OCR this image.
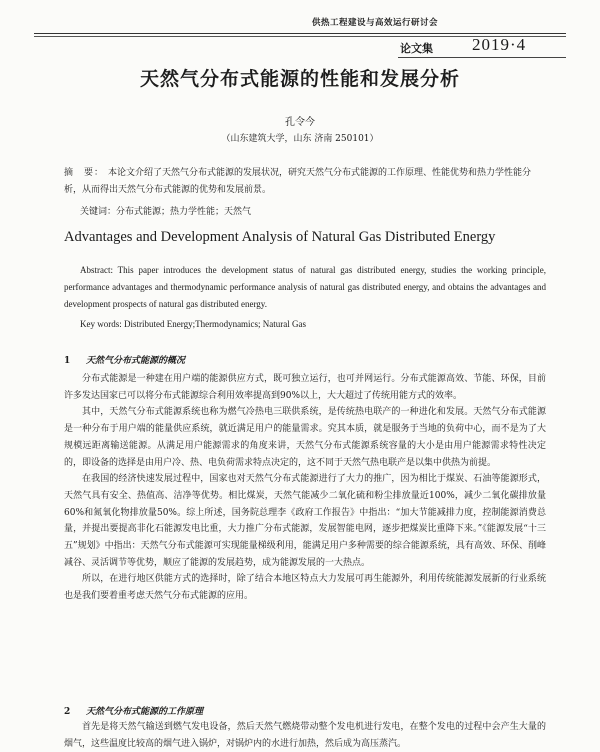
供热工程建设与高效运行研讨会
论文集 2019·4
天然气分布式能源的性能和发展分析
孔令今
（山东建筑大学，山东 济南 250101）
摘　要： 本论文介绍了天然气分布式能源的发展状况，研究天然气分布式能源的工作原理、性能优势和热力学性能分析，从而得出天然气分布式能源的优势和发展前景。
关键词：分布式能源；热力学性能；天然气
Advantages and Development Analysis of Natural Gas Distributed Energy
Abstract: This paper introduces the development status of natural gas distributed energy, studies the working principle, performance advantages and thermodynamic performance analysis of natural gas distributed energy, and obtains the advantages and development prospects of natural gas distributed energy.
Key words: Distributed Energy;Thermodynamics; Natural Gas
1 天然气分布式能源的概况

分布式能源是一种建在用户端的能源供应方式，既可独立运行，也可并网运行。分布式能源高效、节能、环保，目前许多发达国家已可以将分布式能源综合利用效率提高到90%以上，大大超过了传统用能方式的效率。

其中，天然气分布式能源系统也称为燃气冷热电三联供系统，是传统热电联产的一种进化和发展。天然气分布式能源是一种分布于用户端的能量供应系统，就近满足用户的能量需求。究其本质，就是服务于当地的负荷中心，而不是为了大规模远距离输送能源。从满足用户能源需求的角度来讲，天然气分布式能源系统容量的大小是由用户能源需求特性决定的，即设备的选择是由用户冷、热、电负荷需求特点决定的，这不同于天然气热电联产是以集中供热为前提。

在我国的经济快速发展过程中，国家也对天然气分布式能源进行了大力的推广，因为相比于煤炭、石油等能源形式，天然气具有安全、热值高、洁净等优势。相比煤炭，天然气能减少二氧化硫和粉尘排放量近100%，减少二氧化碳排放量60%和氮氧化物排放量50%。综上所述，国务院总理李《政府工作报告》中指出：“加大节能减排力度，控制能源消费总量，并提出要提高非化石能源发电比重，大力推广分布式能源，发展智能电网，逐步把煤炭比重降下来。”《能源发展“十三五”规划》中指出：天然气分布式能源可实现能量梯级利用，能满足用户多种需要的综合能源系统，具有高效、环保、削峰减谷、灵活调节等优势，顺应了能源的发展趋势，成为能源发展的一大热点。

所以，在进行地区供能方式的选择时，除了结合本地区特点大力发展可再生能源外，利用传统能源发展新的行业系统也是我们要着重考虑天然气分布式能源的应用。

2 天然气分布式能源的工作原理

首先是将天然气输送到燃气发电设备，然后天然气燃烧带动整个发电机进行发电，在整个发电的过程中会产生大量的烟气，这些温度比较高的烟气进入锅炉，对锅炉内的水进行加热，然后成为高压蒸汽。
